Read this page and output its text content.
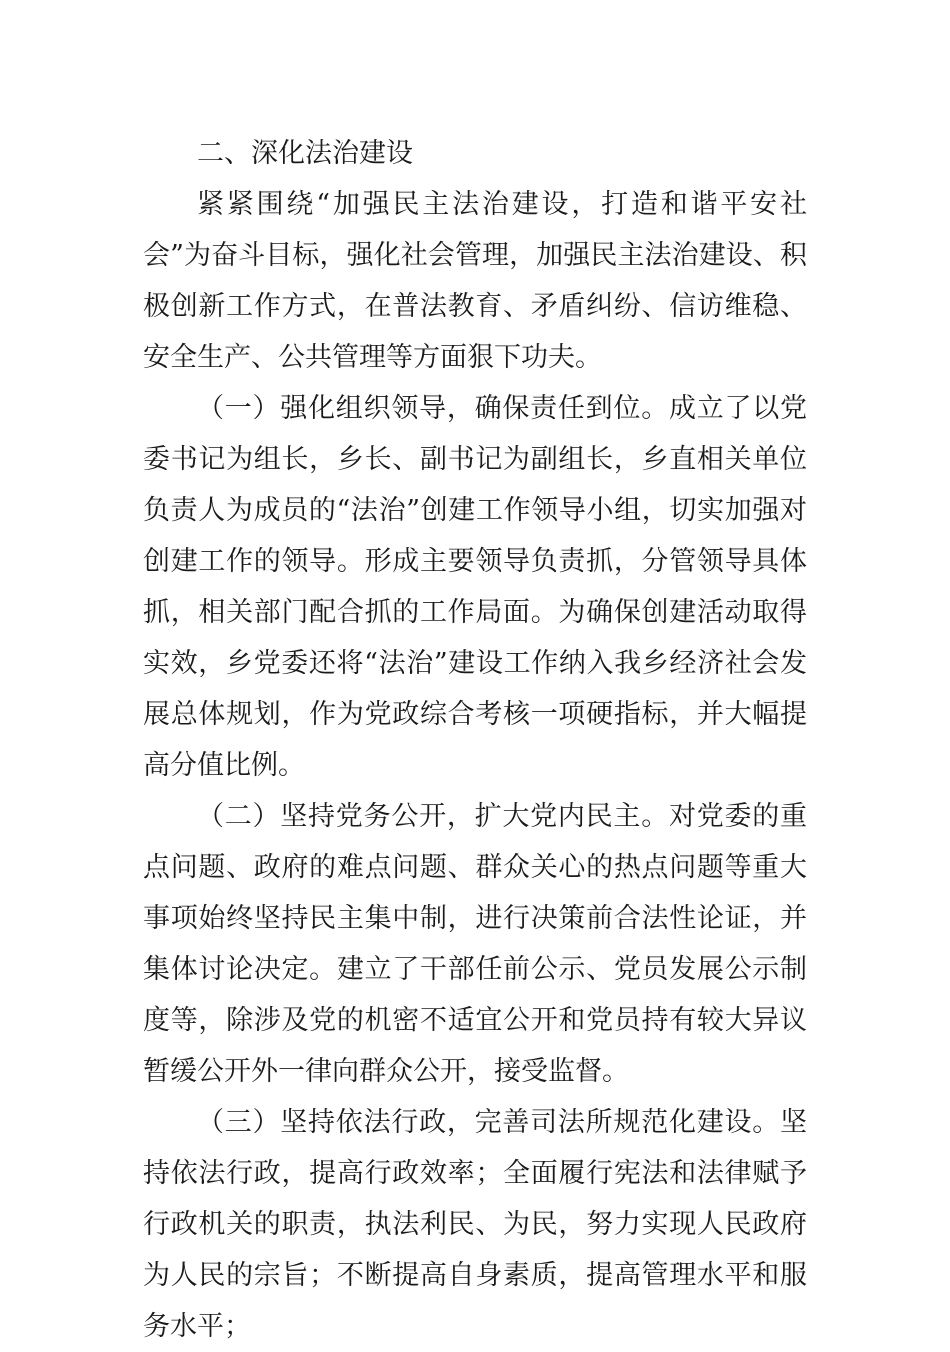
二、深化法治建设

紧紧围绕“加强民主法治建设，打造和谐平安社会”为奋斗目标，强化社会管理，加强民主法治建设、积极创新工作方式，在普法教育、矛盾纠纷、信访维稳、安全生产、公共管理等方面狠下功夫。

（一）强化组织领导，确保责任到位。成立了以党委书记为组长，乡长、副书记为副组长，乡直相关单位负责人为成员的“法治”创建工作领导小组，切实加强对创建工作的领导。形成主要领导负责抓，分管领导具体抓，相关部门配合抓的工作局面。为确保创建活动取得实效，乡党委还将“法治”建设工作纳入我乡经济社会发展总体规划，作为党政综合考核一项硬指标，并大幅提高分值比例。

（二）坚持党务公开，扩大党内民主。对党委的重点问题、政府的难点问题、群众关心的热点问题等重大事项始终坚持民主集中制，进行决策前合法性论证，并集体讨论决定。建立了干部任前公示、党员发展公示制度等，除涉及党的机密不适宜公开和党员持有较大异议暂缓公开外一律向群众公开，接受监督。

（三）坚持依法行政，完善司法所规范化建设。坚持依法行政，提高行政效率；全面履行宪法和法律赋予行政机关的职责，执法利民、为民，努力实现人民政府为人民的宗旨；不断提高自身素质，提高管理水平和服务水平；
